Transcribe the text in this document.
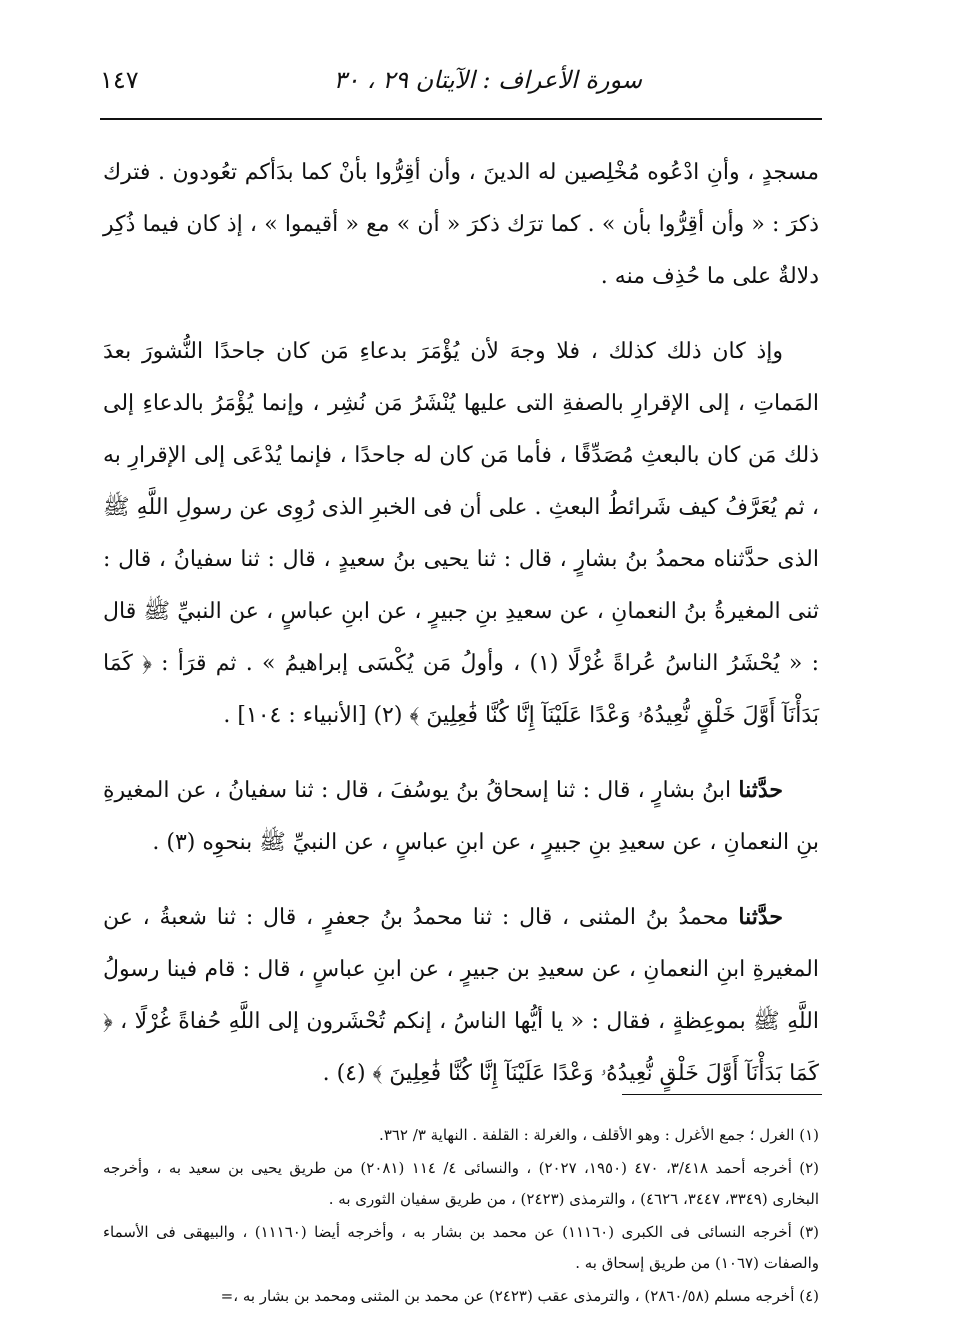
سورة الأعراف : الآيتان ٢٩ ، ٣٠
١٤٧

مسجدٍ ، وأنِ ادْعُوه مُخْلِصين له الدينَ ، وأن أقِرُّوا بأنْ كما بدَأكم تعُودون . فترك ذكرَ : « وأن أقِرُّوا بأن » . كما ترَك ذكرَ « أن » مع « أقيموا » ، إذ كان فيما ذُكِر دلالةٌ على ما حُذِف منه .

وإذ كان ذلك كذلك ، فلا وجهَ لأن يُؤْمَرَ بدعاءِ مَن كان جاحدًا النُّشورَ بعدَ المَماتِ ، إلى الإقرارِ بالصفةِ التى عليها يُنْشَرُ مَن نُشِر ، وإنما يُؤْمَرُ بالدعاءِ إلى ذلك مَن كان بالبعثِ مُصَدِّقًا ، فأما مَن كان له جاحدًا ، فإنما يُدْعَى إلى الإقرارِ به ، ثم يُعَرَّفُ كيف شَرائطُ البعثِ . على أن فى الخبرِ الذى رُوِى عن رسولِ اللَّهِ ﷺ الذى حدَّثناه محمدُ بنُ بشارٍ ، قال : ثنا يحيى بنُ سعيدٍ ، قال : ثنا سفيانُ ، قال : ثنى المغيرةُ بنُ النعمانِ ، عن سعيدِ بنِ جبيرٍ ، عن ابنِ عباسٍ ، عن النبيِّ ﷺ قال : « يُحْشَرُ الناسُ عُراةً غُرْلًا (١) ، وأولُ مَن يُكْسَى إبراهيمُ » . ثم قرَأ : ﴿ كَمَا بَدَأْنَآ أَوَّلَ خَلْقٍ نُّعِيدُهُۥ وَعْدًا عَلَيْنَآ إِنَّا كُنَّا فَٰعِلِينَ ﴾ (٢) [الأنبياء : ١٠٤] .

حدَّثنا ابنُ بشارٍ ، قال : ثنا إسحاقُ بنُ يوسُفَ ، قال : ثنا سفيانُ ، عن المغيرةِ بنِ النعمانِ ، عن سعيدِ بنِ جبيرٍ ، عن ابنِ عباسٍ ، عن النبيِّ ﷺ بنحوِه (٣) .

حدَّثنا محمدُ بنُ المثنى ، قال : ثنا محمدُ بنُ جعفرٍ ، قال : ثنا شعبةُ ، عن المغيرةِ ابنِ النعمانِ ، عن سعيدِ بن جبيرٍ ، عن ابنِ عباسٍ ، قال : قام فينا رسولُ اللَّهِ ﷺ بموعِظةٍ ، فقال : « يا أيُّها الناسُ ، إنكم تُحْشَرون إلى اللَّهِ حُفاةً غُرْلًا ، ﴿ كَمَا بَدَأْنَآ أَوَّلَ خَلْقٍ نُّعِيدُهُۥ وَعْدًا عَلَيْنَآ إِنَّا كُنَّا فَٰعِلِينَ ﴾ (٤) .

(١) الغرل ؛ جمع الأغرل : وهو الأقلف ، والغرلة : القلفة . النهاية ٣/ ٣٦٢.

(٢) أخرجه أحمد ٣/٤١٨، ٤٧٠ (١٩٥٠، ٢٠٢٧) ، والنسائى ٤/ ١١٤ (٢٠٨١) من طريق يحيى بن سعيد به ، وأخرجه البخارى (٣٣٤٩، ٣٤٤٧، ٤٦٢٦) ، والترمذى (٢٤٢٣) ، من طريق سفيان الثورى به .

(٣) أخرجه النسائى فى الكبرى (١١١٦٠) عن محمد بن بشار به ، وأخرجه أيضا (١١١٦٠) ، والبيهقى فى الأسماء والصفات (١٠٦٧) من طريق إسحاق به .

(٤) أخرجه مسلم (٢٨٦٠/٥٨) ، والترمذى عقب (٢٤٢٣) عن محمد بن المثنى ومحمد بن بشار به ،=
